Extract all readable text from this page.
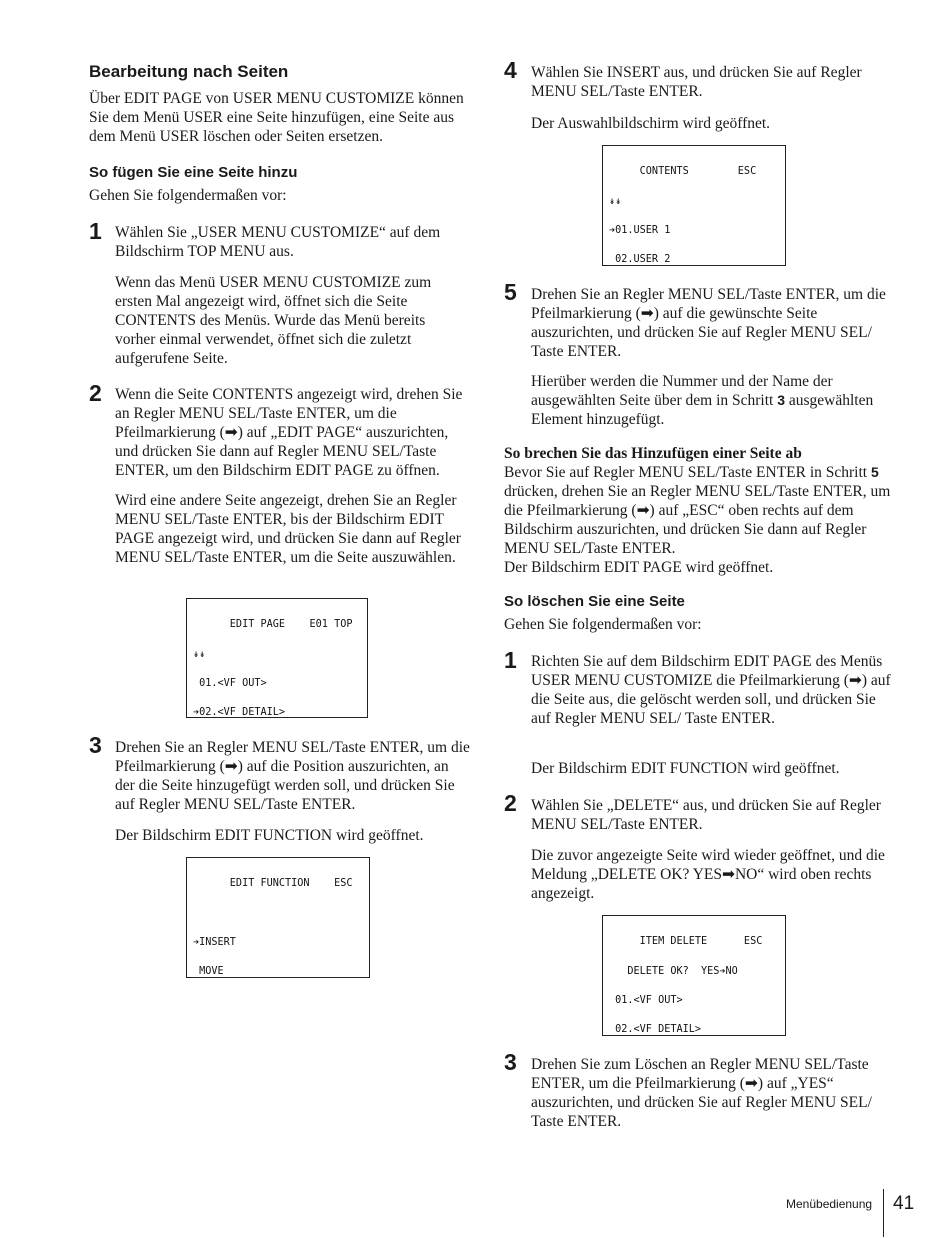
Bearbeitung nach Seiten

Über EDIT PAGE von USER MENU CUSTOMIZE können Sie dem Menü USER eine Seite hinzufügen, eine Seite aus dem Menü USER löschen oder Seiten ersetzen.

So fügen Sie eine Seite hinzu

Gehen Sie folgendermaßen vor:

1 Wählen Sie „USER MENU CUSTOMIZE“ auf dem Bildschirm TOP MENU aus.

Wenn das Menü USER MENU CUSTOMIZE zum ersten Mal angezeigt wird, öffnet sich die Seite CONTENTS des Menüs. Wurde das Menü bereits vorher einmal verwendet, öffnet sich die zuletzt aufgerufene Seite.

2 Wenn die Seite CONTENTS angezeigt wird, drehen Sie an Regler MENU SEL/Taste ENTER, um die Pfeilmarkierung (➡) auf „EDIT PAGE“ auszurichten, und drücken Sie dann auf Regler MENU SEL/Taste ENTER, um den Bildschirm EDIT PAGE zu öffnen.

Wird eine andere Seite angezeigt, drehen Sie an Regler MENU SEL/Taste ENTER, bis der Bildschirm EDIT PAGE angezeigt wird, und drücken Sie dann auf Regler MENU SEL/Taste ENTER, um die Seite auszuwählen.

EDIT PAGE    E01 TOP

↡↡

01.<VF OUT>

➔02.<VF DETAIL>

3 Drehen Sie an Regler MENU SEL/Taste ENTER, um die Pfeilmarkierung (➡) auf die Position auszurichten, an der die Seite hinzugefügt werden soll, und drücken Sie auf Regler MENU SEL/Taste ENTER.

Der Bildschirm EDIT FUNCTION wird geöffnet.

EDIT FUNCTION    ESC

➔INSERT

MOVE

4 Wählen Sie INSERT aus, und drücken Sie auf Regler MENU SEL/Taste ENTER.

Der Auswahlbildschirm wird geöffnet.

CONTENTS        ESC

↡↡

➔01.USER 1

02.USER 2

5 Drehen Sie an Regler MENU SEL/Taste ENTER, um die Pfeilmarkierung (➡) auf die gewünschte Seite auszurichten, und drücken Sie auf Regler MENU SEL/ Taste ENTER.

Hierüber werden die Nummer und der Name der ausgewählten Seite über dem in Schritt 3 ausgewählten Element hinzugefügt.

So brechen Sie das Hinzufügen einer Seite ab

Bevor Sie auf Regler MENU SEL/Taste ENTER in Schritt 5 drücken, drehen Sie an Regler MENU SEL/Taste ENTER, um die Pfeilmarkierung (➡) auf „ESC“ oben rechts auf dem Bildschirm auszurichten, und drücken Sie dann auf Regler MENU SEL/Taste ENTER.
Der Bildschirm EDIT PAGE wird geöffnet.

So löschen Sie eine Seite

Gehen Sie folgendermaßen vor:

1 Richten Sie auf dem Bildschirm EDIT PAGE des Menüs USER MENU CUSTOMIZE die Pfeilmarkierung (➡) auf die Seite aus, die gelöscht werden soll, und drücken Sie auf Regler MENU SEL/ Taste ENTER.

Der Bildschirm EDIT FUNCTION wird geöffnet.

2 Wählen Sie „DELETE“ aus, und drücken Sie auf Regler MENU SEL/Taste ENTER.

Die zuvor angezeigte Seite wird wieder geöffnet, und die Meldung „DELETE OK? YES➡NO“ wird oben rechts angezeigt.

ITEM DELETE      ESC

DELETE OK?  YES➔NO

01.<VF OUT>

02.<VF DETAIL>

3 Drehen Sie zum Löschen an Regler MENU SEL/Taste ENTER, um die Pfeilmarkierung (➡) auf „YES“ auszurichten, und drücken Sie auf Regler MENU SEL/ Taste ENTER.

Menübedienung 41
